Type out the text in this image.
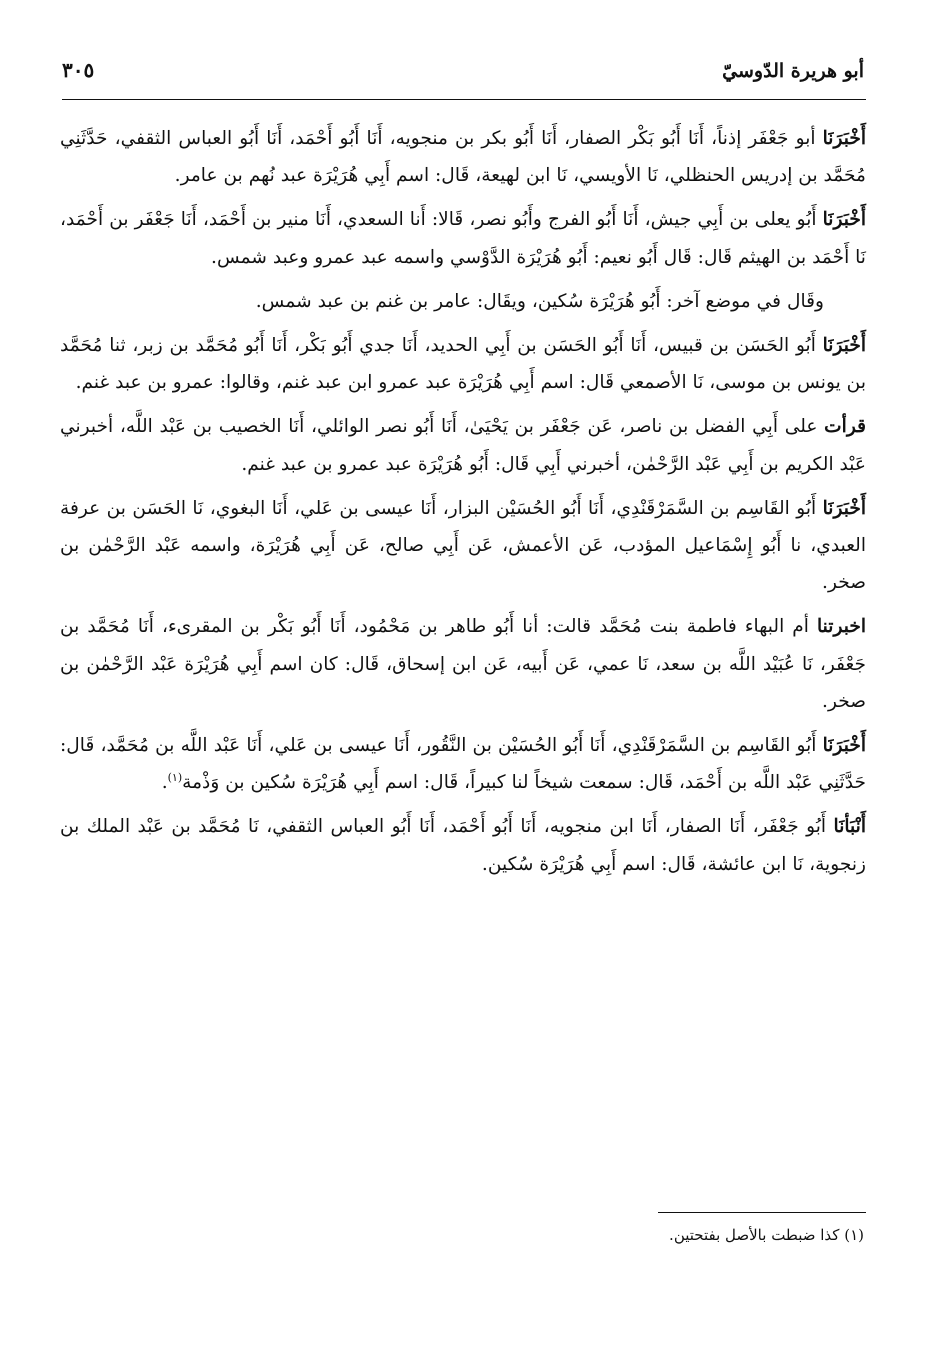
أبو هريرة الدّوسيّ
٣٠٥

أَخْبَرَنَا أبو جَعْفَر إذناً، أَنَا أَبُو بَكْر الصفار، أَنَا أَبُو بكر بن منجويه، أَنَا أَبُو أَحْمَد، أَنَا أَبُو العباس الثقفي، حَدَّثَنِي مُحَمَّد بن إدريس الحنظلي، نَا الأويسي، نَا ابن لهيعة، قَال: اسم أَبِي هُرَيْرَة عبد نُهم بن عامر.

أَخْبَرَنَا أَبُو يعلى بن أَبِي جيش، أَنَا أَبُو الفرج وأَبُو نصر، قَالا: أَنا السعدي، أَنَا منير بن أَحْمَد، أَنَا جَعْفَر بن أَحْمَد، نَا أَحْمَد بن الهيثم قَال: قَال أَبُو نعيم: أَبُو هُرَيْرَة الدَّوْسي واسمه عبد عمرو وعبد شمس.

وقَال في موضع آخر: أَبُو هُرَيْرَة سُكين، ويقَال: عامر بن غنم بن عبد شمس.

أَخْبَرَنَا أَبُو الحَسَن بن قبيس، أَنَا أَبُو الحَسَن بن أَبِي الحديد، أَنَا جدي أَبُو بَكْر، أَنَا أَبُو مُحَمَّد بن زبر، ثنا مُحَمَّد بن يونس بن موسى، نَا الأصمعي قَال: اسم أَبِي هُرَيْرَة عبد عمرو ابن عبد غنم، وقالوا: عمرو بن عبد غنم.

قرأت على أَبِي الفضل بن ناصر، عَن جَعْفَر بن يَحْيَىٰ، أَنَا أَبُو نصر الوائلي، أَنَا الخصيب بن عَبْد اللَّه، أخبرني عَبْد الكريم بن أَبِي عَبْد الرَّحْمٰن، أخبرني أَبِي قَال: أَبُو هُرَيْرَة عبد عمرو بن عبد غنم.

أَخْبَرَنَا أَبُو القَاسِم بن السَّمَرْقَنْدِي، أَنَا أَبُو الحُسَيْن البزار، أَنَا عيسى بن عَلي، أَنَا البغوي، نَا الحَسَن بن عرفة العبدي، نا أَبُو إِسْمَاعيل المؤدب، عَن الأعمش، عَن أَبِي صالح، عَن أَبِي هُرَيْرَة، واسمه عَبْد الرَّحْمٰن بن صخر.

اخبرتنا أم البهاء فاطمة بنت مُحَمَّد قالت: أنا أَبُو طاهر بن مَحْمُود، أَنَا أَبُو بَكْر بن المقرىء، أَنَا مُحَمَّد بن جَعْفَر، نَا عُبَيْد اللَّه بن سعد، نَا عمي، عَن أَبيه، عَن ابن إسحاق، قَال: كان اسم أَبِي هُرَيْرَة عَبْد الرَّحْمٰن بن صخر.

أَخْبَرَنَا أَبُو القَاسِم بن السَّمَرْقَنْدِي، أَنَا أَبُو الحُسَيْن بن النَّقُور، أَنَا عيسى بن عَلي، أَنَا عَبْد اللَّه بن مُحَمَّد، قَال: حَدَّثَنِي عَبْد اللَّه بن أَحْمَد، قَال: سمعت شيخاً لنا كبيراً، قَال: اسم أَبِي هُرَيْرَة سُكين بن وَذْمة$^{(١)}$.

أَنْبَأنَا أَبُو جَعْفَر، أَنَا الصفار، أَنَا ابن منجويه، أَنَا أَبُو أَحْمَد، أَنَا أَبُو العباس الثقفي، نَا مُحَمَّد بن عَبْد الملك بن زنجوية، نَا ابن عائشة، قَال: اسم أَبِي هُرَيْرَة سُكين.

(١) كذا ضبطت بالأصل بفتحتين.
